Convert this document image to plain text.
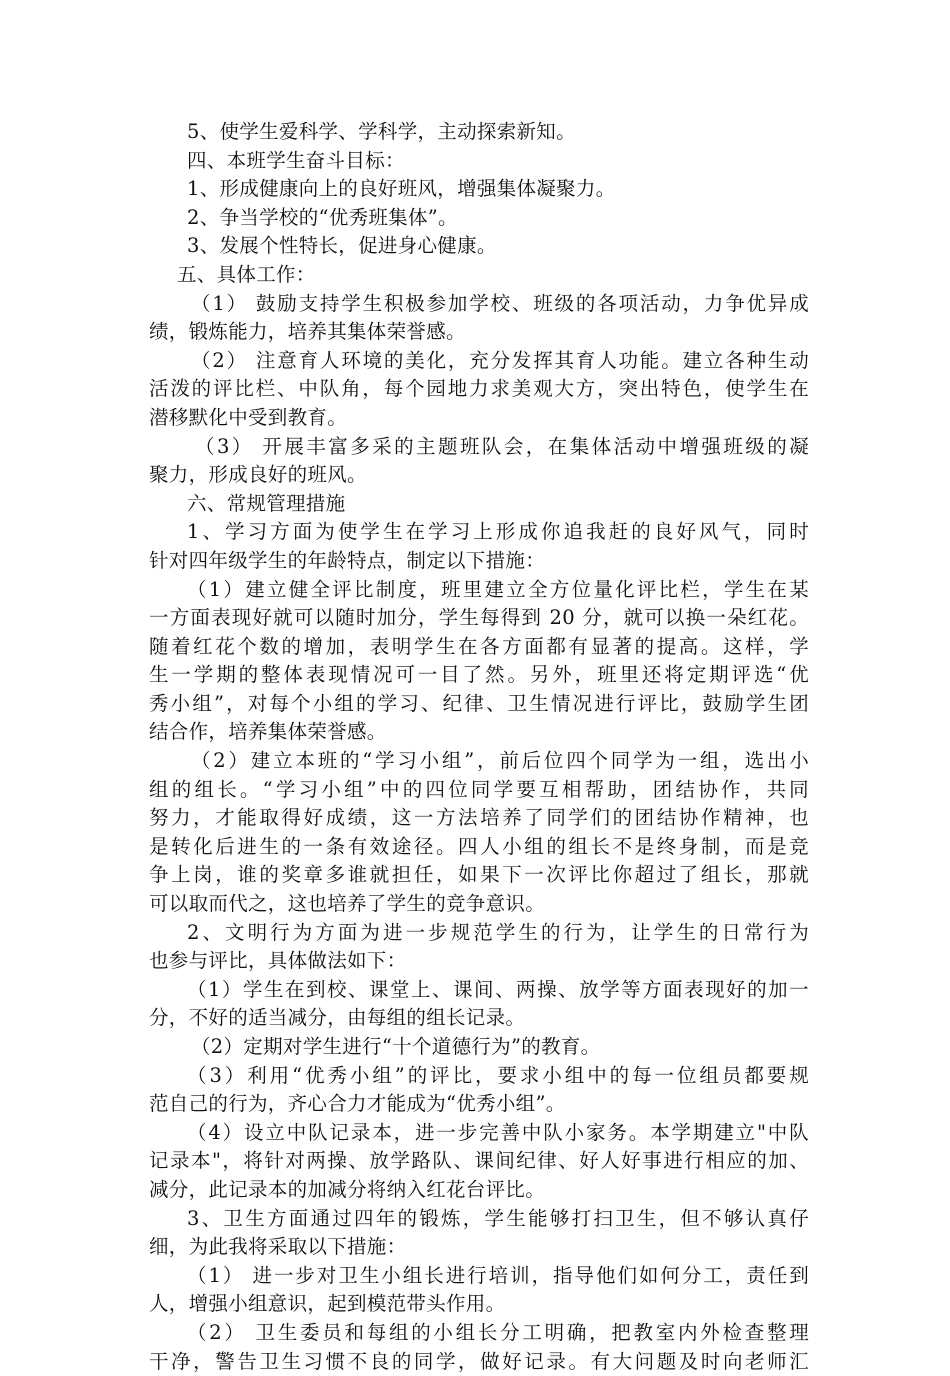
5、使学生爱科学、学科学，主动探索新知。
四、本班学生奋斗目标：
1、形成健康向上的良好班风，增强集体凝聚力。
2、争当学校的“优秀班集体”。
3、发展个性特长，促进身心健康。
五、具体工作：
（1） 鼓励支持学生积极参加学校、班级的各项活动，力争优异成
绩，锻炼能力，培养其集体荣誉感。
（2） 注意育人环境的美化，充分发挥其育人功能。建立各种生动
活泼的评比栏、中队角，每个园地力求美观大方，突出特色，使学生在
潜移默化中受到教育。
（3） 开展丰富多采的主题班队会，在集体活动中增强班级的凝
聚力，形成良好的班风。
六、常规管理措施
1、学习方面为使学生在学习上形成你追我赶的良好风气，同时
针对四年级学生的年龄特点，制定以下措施：
（1）建立健全评比制度，班里建立全方位量化评比栏，学生在某
一方面表现好就可以随时加分，学生每得到 20 分，就可以换一朵红花。
随着红花个数的增加，表明学生在各方面都有显著的提高。这样，学
生一学期的整体表现情况可一目了然。另外，班里还将定期评选“优
秀小组”，对每个小组的学习、纪律、卫生情况进行评比，鼓励学生团
结合作，培养集体荣誉感。
（2）建立本班的“学习小组”，前后位四个同学为一组，选出小
组的组长。“学习小组”中的四位同学要互相帮助，团结协作，共同
努力，才能取得好成绩，这一方法培养了同学们的团结协作精神，也
是转化后进生的一条有效途径。四人小组的组长不是终身制，而是竞
争上岗，谁的奖章多谁就担任，如果下一次评比你超过了组长，那就
可以取而代之，这也培养了学生的竞争意识。
2、文明行为方面为进一步规范学生的行为，让学生的日常行为
也参与评比，具体做法如下：
（1）学生在到校、课堂上、课间、两操、放学等方面表现好的加一
分，不好的适当减分，由每组的组长记录。
（2）定期对学生进行“十个道德行为”的教育。
（3）利用“优秀小组”的评比，要求小组中的每一位组员都要规
范自己的行为，齐心合力才能成为“优秀小组”。
（4）设立中队记录本，进一步完善中队小家务。本学期建立"中队
记录本"，将针对两操、放学路队、课间纪律、好人好事进行相应的加、
减分，此记录本的加减分将纳入红花台评比。
3、卫生方面通过四年的锻炼，学生能够打扫卫生，但不够认真仔
细，为此我将采取以下措施：
（1） 进一步对卫生小组长进行培训，指导他们如何分工，责任到
人，增强小组意识，起到模范带头作用。
（2） 卫生委员和每组的小组长分工明确，把教室内外检查整理
干净，警告卫生习惯不良的同学，做好记录。有大问题及时向老师汇
